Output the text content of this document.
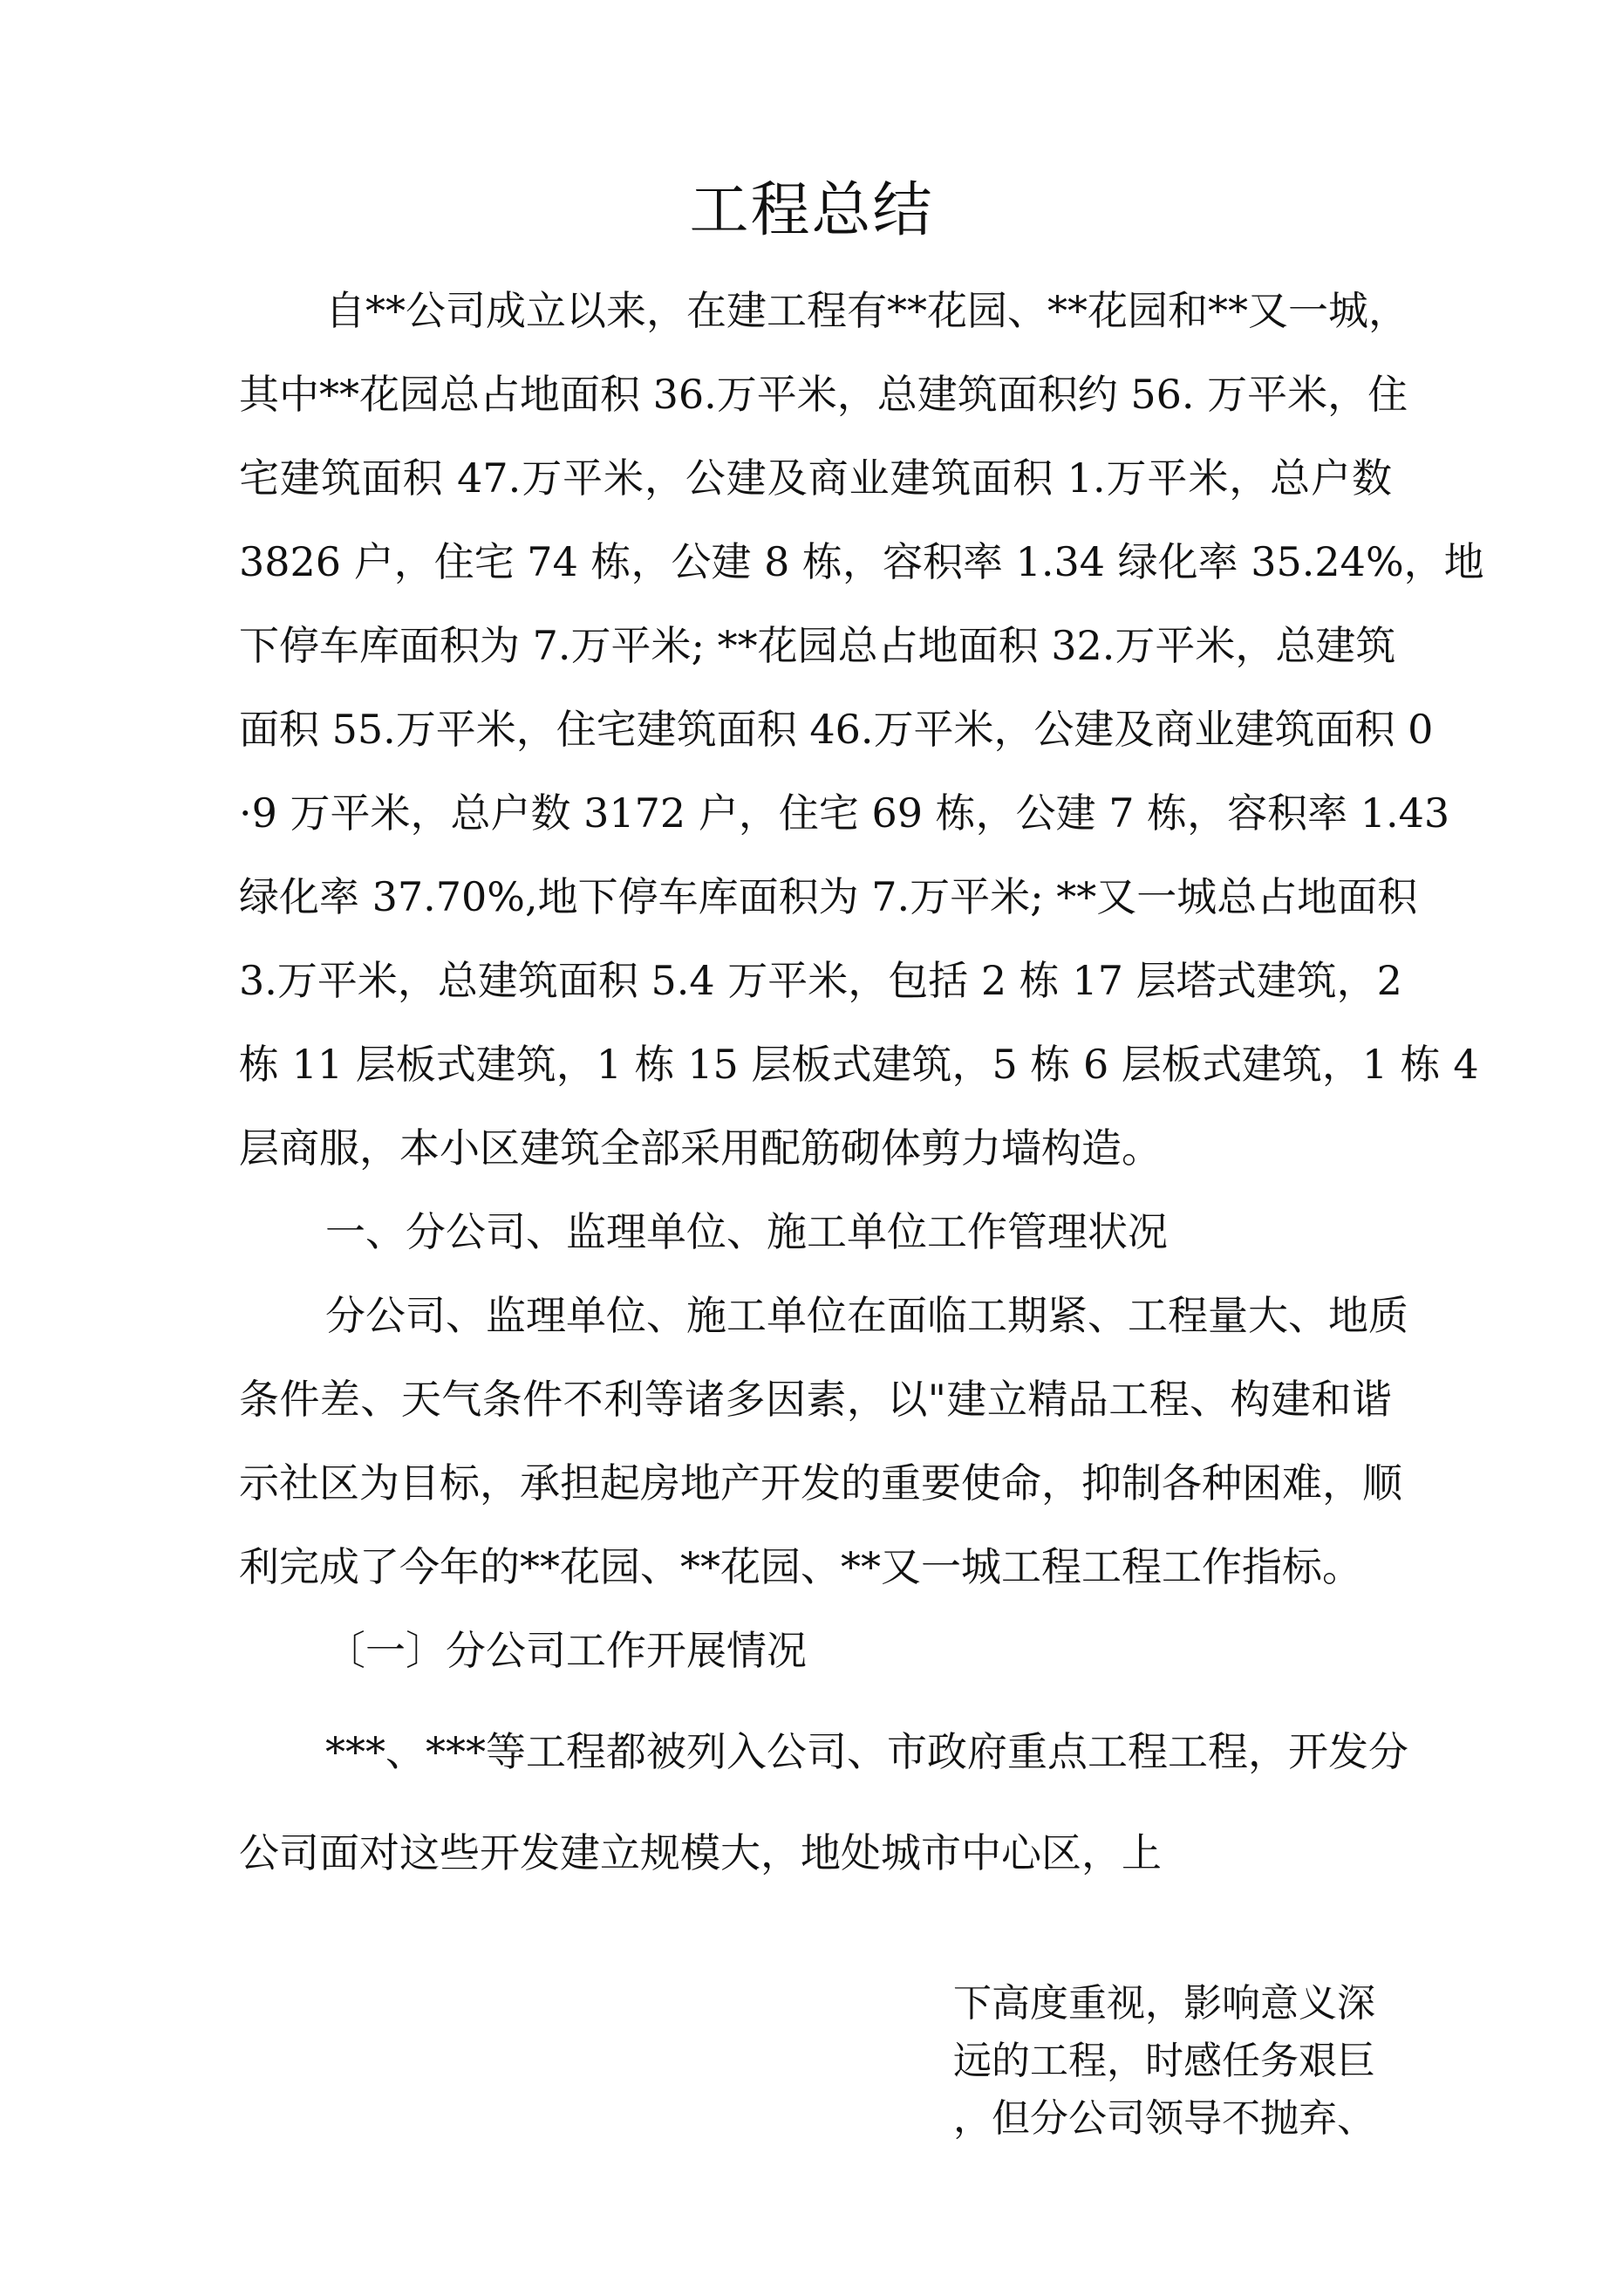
工程总结
自**公司成立以来，在建工程有**花园、**花园和**又一城，
其中**花园总占地面积 36.万平米，总建筑面积约 56. 万平米，住
宅建筑面积 47.万平米，公建及商业建筑面积 1.万平米，总户数
3826 户，住宅 74 栋，公建 8 栋，容积率 1.34 绿化率 35.24%，地
下停车库面积为 7.万平米; **花园总占地面积 32.万平米，总建筑
面积 55.万平米，住宅建筑面积 46.万平米，公建及商业建筑面积 0
·9 万平米，总户数 3172 户，住宅 69 栋，公建 7 栋，容积率 1.43
绿化率 37.70%,地下停车库面积为 7.万平米; **又一城总占地面积
3.万平米，总建筑面积 5.4 万平米，包括 2 栋 17 层塔式建筑，2
栋 11 层板式建筑，1 栋 15 层板式建筑，5 栋 6 层板式建筑，1 栋 4
层商服，本小区建筑全部采用配筋砌体剪力墙构造。
一、分公司、监理单位、施工单位工作管理状况
分公司、监理单位、施工单位在面临工期紧、工程量大、地质
条件差、天气条件不利等诸多因素，以"建立精品工程、构建和谐
示社区为目标，承担起房地产开发的重要使命，抑制各种困难，顺
利完成了今年的**花园、**花园、**又一城工程工程工作指标。
〔一〕分公司工作开展情况
***、***等工程都被列入公司、市政府重点工程工程，开发分
公司面对这些开发建立规模大，地处城市中心区，上
下高度重视，影响意义深
远的工程，时感任务艰巨
，但分公司领导不抛弃、
